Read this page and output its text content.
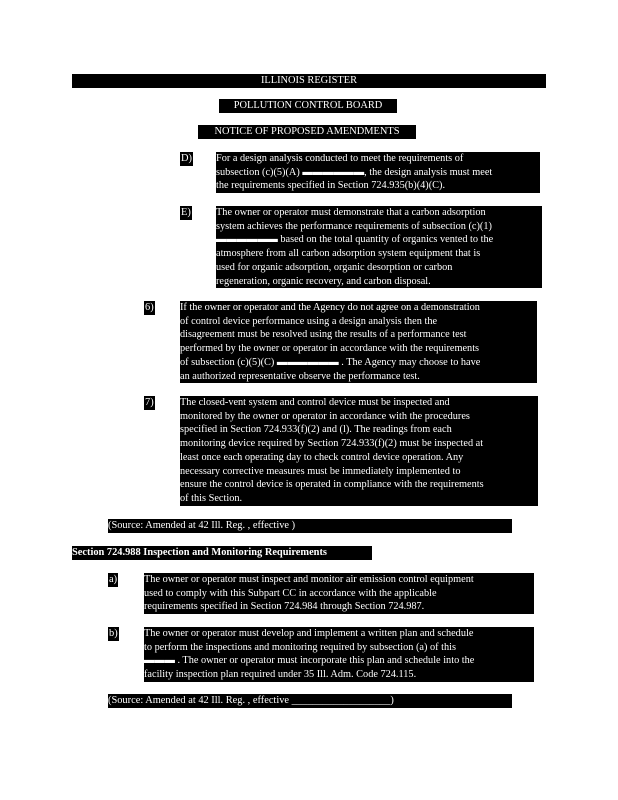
ILLINOIS REGISTER
POLLUTION CONTROL BOARD
NOTICE OF PROPOSED AMENDMENTS
D) For a design analysis conducted to meet the requirements of
subsection (c)(5)(A) ▬▬▬▬▬▬, the design analysis must meet
the requirements specified in Section 724.935(b)(4)(C).
E) The owner or operator must demonstrate that a carbon adsorption
system achieves the performance requirements of subsection (c)(1)
▬▬▬▬▬▬ based on the total quantity of organics vented to the
atmosphere from all carbon adsorption system equipment that is
used for organic adsorption, organic desorption or carbon
regeneration, organic recovery, and carbon disposal.
6)	If the owner or operator and the Agency do not agree on a demonstration
of control device performance using a design analysis then the
disagreement must be resolved using the results of a performance test
performed by the owner or operator in accordance with the requirements
of subsection (c)(5)(C) ▬▬▬▬▬▬ . The Agency may choose to have
an authorized representative observe the performance test.
7)	The closed-vent system and control device must be inspected and
monitored by the owner or operator in accordance with the procedures
specified in Section 724.933(f)(2) and (l). The readings from each
monitoring device required by Section 724.933(f)(2) must be inspected at
least once each operating day to check control device operation. Any
necessary corrective measures must be immediately implemented to
ensure the control device is operated in compliance with the requirements
of this Section.
(Source: Amended at 42 Ill. Reg. , effective )
Section 724.988 Inspection and Monitoring Requirements
a)	The owner or operator must inspect and monitor air emission control equipment
used to comply with this Subpart CC in accordance with the applicable
requirements specified in Section 724.984 through Section 724.987.
b)	The owner or operator must develop and implement a written plan and schedule
to perform the inspections and monitoring required by subsection (a) of this
▬▬▬ . The owner or operator must incorporate this plan and schedule into the
facility inspection plan required under 35 Ill. Adm. Code 724.115.
(Source: Amended at 42 Ill. Reg. , effective ___________________)
